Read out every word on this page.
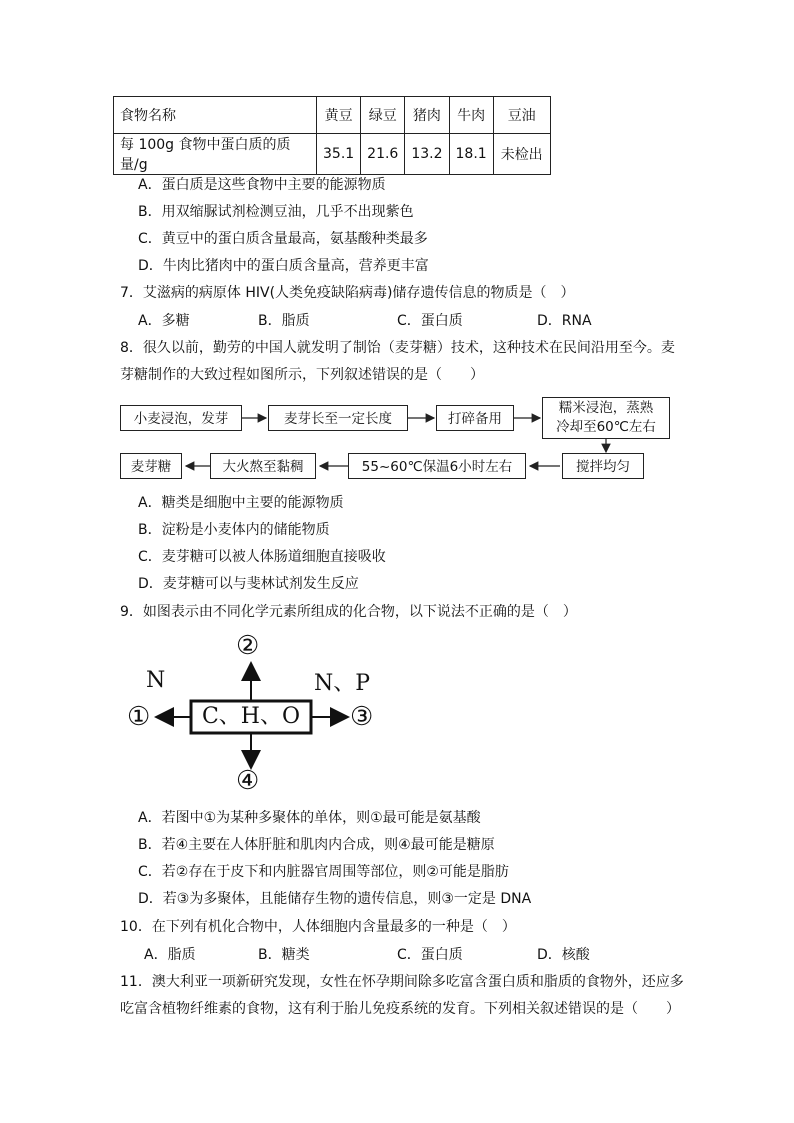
食物名称	黄豆	绿豆	猪肉	牛肉	豆油
每 100g 食物中蛋白质的质量/g	35.1	21.6	13.2	18.1	未检出
A．蛋白质是这些食物中主要的能源物质
B．用双缩脲试剂检测豆油，几乎不出现紫色
C．黄豆中的蛋白质含量最高，氨基酸种类最多
D．牛肉比猪肉中的蛋白质含量高，营养更丰富
7．艾滋病的病原体 HIV(人类免疫缺陷病毒)储存遗传信息的物质是（　）
A．多糖	B．脂质	C．蛋白质	D．RNA
8．很久以前，勤劳的中国人就发明了制饴（麦芽糖）技术，这种技术在民间沿用至今。麦
芽糖制作的大致过程如图所示，下列叙述错误的是（　　）
小麦浸泡，发芽	麦芽长至一定长度	打碎备用
糯米浸泡，蒸熟
冷却至60℃左右
搅拌均匀
55~60℃保温6小时左右
大火熬至黏稠
麦芽糖
A．糖类是细胞中主要的能源物质
B．淀粉是小麦体内的储能物质
C．麦芽糖可以被人体肠道细胞直接吸收
D．麦芽糖可以与斐林试剂发生反应
9．如图表示由不同化学元素所组成的化合物，以下说法不正确的是（　）
C、H、O
N	N、P
②
①	③
④
A．若图中①为某种多聚体的单体，则①最可能是氨基酸
B．若④主要在人体肝脏和肌肉内合成，则④最可能是糖原
C．若②存在于皮下和内脏器官周围等部位，则②可能是脂肪
D．若③为多聚体，且能储存生物的遗传信息，则③一定是 DNA
10．在下列有机化合物中，人体细胞内含量最多的一种是（　）
A．脂质	B．糖类	C．蛋白质	D．核酸
11．澳大利亚一项新研究发现，女性在怀孕期间除多吃富含蛋白质和脂质的食物外，还应多
吃富含植物纤维素的食物，这有利于胎儿免疫系统的发育。下列相关叙述错误的是（　　）
